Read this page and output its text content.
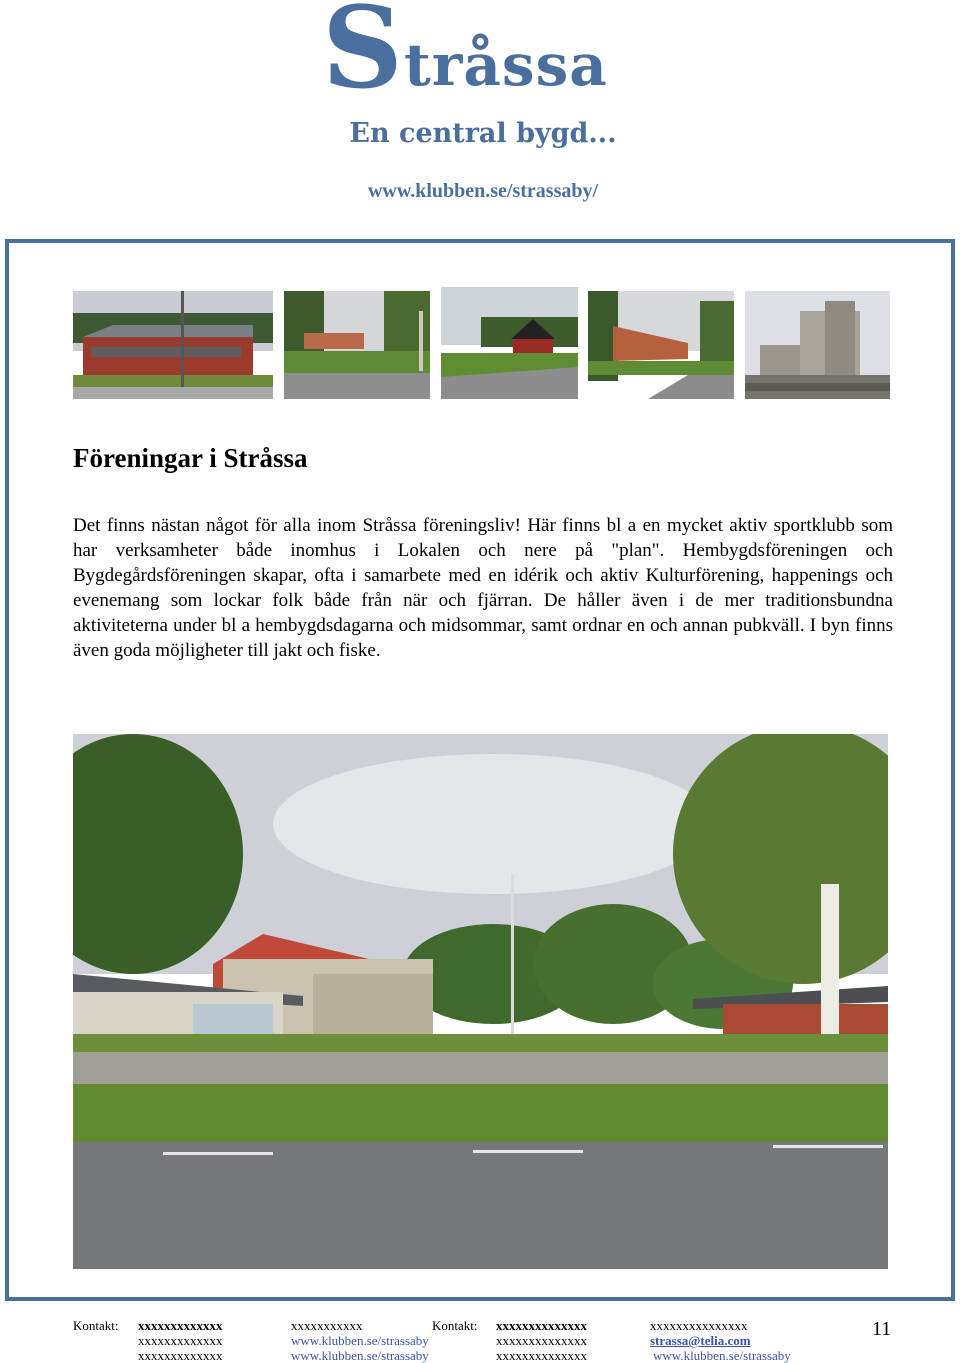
S tråssa
En central bygd...
www.klubben.se/strassaby/
Föreningar i Stråssa

Det finns nästan något för alla inom Stråssa föreningsliv! Här finns bl a en mycket aktiv sportklubb som har verksamheter både inomhus i Lokalen och nere på "plan". Hembygdsföreningen och Bygdegårdsföreningen skapar, ofta i samarbete med en idérik och aktiv Kulturförening, happenings och evenemang som lockar folk både från när och fjärran. De håller även i de mer traditionsbundna aktiviteterna under bl a hembygdsdagarna och midsommar, samt ordnar en och annan pubkväll. I byn finns även goda möjligheter till jakt och fiske.

Kontakt: xxxxxxxxxxxxx
xxxxxxxxxxxxx
xxxxxxxxxxxxx
xxxxxxxxxxx
www.klubben.se/strassaby
www.klubben.se/strassaby
Kontakt: xxxxxxxxxxxxxx
xxxxxxxxxxxxxx
xxxxxxxxxxxxxx
xxxxxxxxxxxxxxx
strassa@telia.com
www.klubben.se/strassaby
11
